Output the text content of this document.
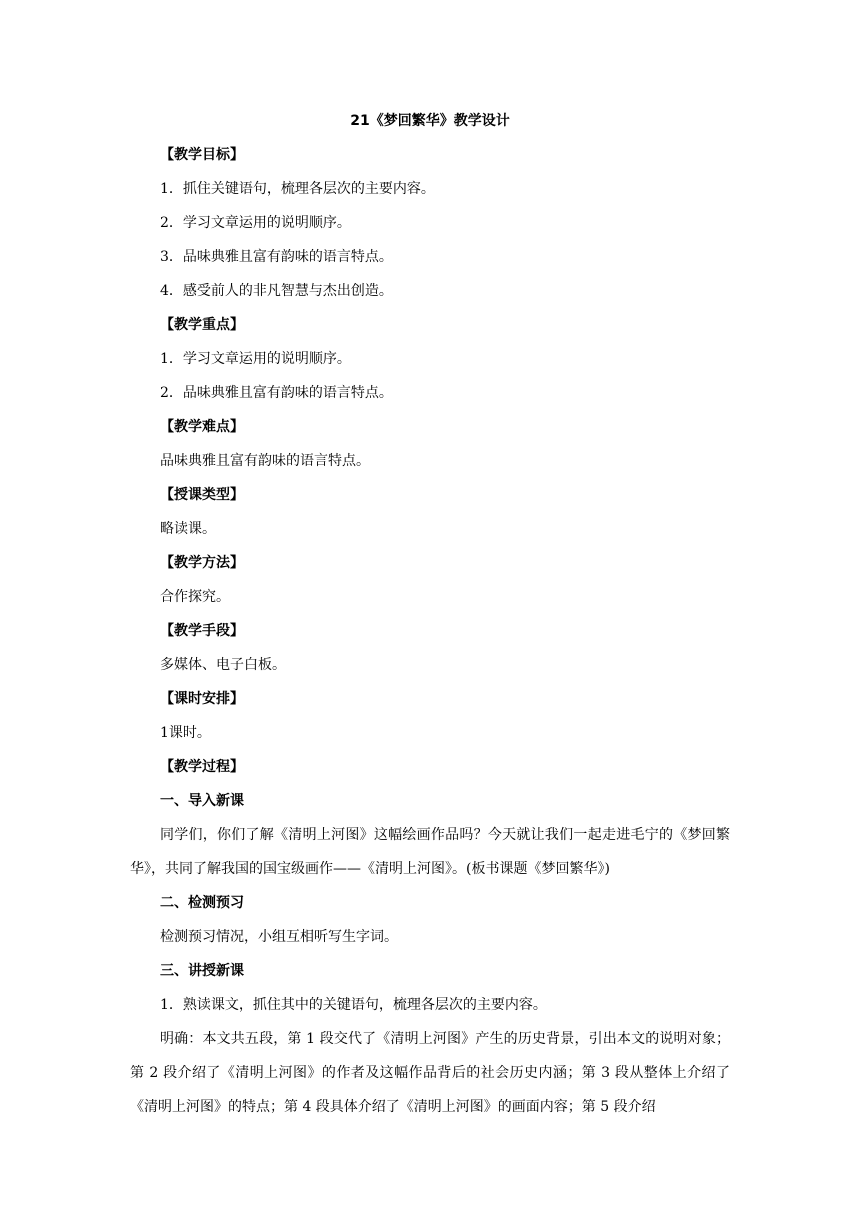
21《梦回繁华》教学设计
【教学目标】
1．抓住关键语句，梳理各层次的主要内容。
2．学习文章运用的说明顺序。
3．品味典雅且富有韵味的语言特点。
4．感受前人的非凡智慧与杰出创造。
【教学重点】
1．学习文章运用的说明顺序。
2．品味典雅且富有韵味的语言特点。
【教学难点】
品味典雅且富有韵味的语言特点。
【授课类型】
略读课。
【教学方法】
合作探究。
【教学手段】
多媒体、电子白板。
【课时安排】
1课时。
【教学过程】
一、导入新课
同学们，你们了解《清明上河图》这幅绘画作品吗？今天就让我们一起走进毛宁的《梦回繁华》，共同了解我国的国宝级画作——《清明上河图》。(板书课题《梦回繁华》)
二、检测预习
检测预习情况，小组互相听写生字词。
三、讲授新课
1．熟读课文，抓住其中的关键语句，梳理各层次的主要内容。
明确：本文共五段，第 1 段交代了《清明上河图》产生的历史背景，引出本文的说明对象；第 2 段介绍了《清明上河图》的作者及这幅作品背后的社会历史内涵；第 3 段从整体上介绍了《清明上河图》的特点；第 4 段具体介绍了《清明上河图》的画面内容；第 5 段介绍
